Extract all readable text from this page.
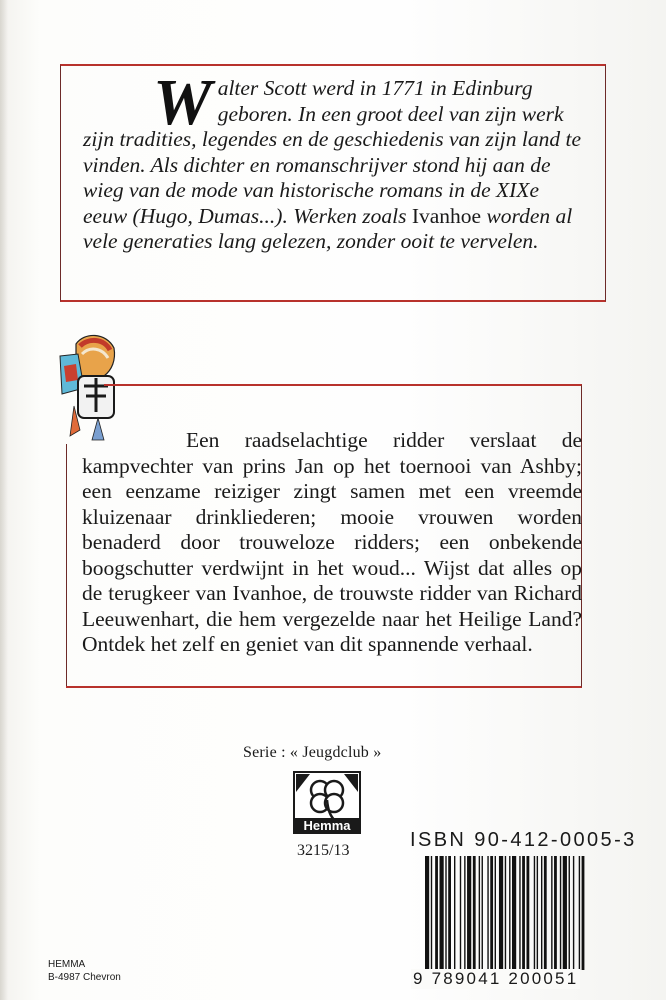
Walter Scott werd in 1771 in Edinburg geboren. In een groot deel van zijn werk zijn tradities, legendes en de geschiedenis van zijn land te vinden. Als dichter en romanschrijver stond hij aan de wieg van de mode van historische romans in de XIXe eeuw (Hugo, Dumas...). Werken zoals Ivanhoe worden al vele generaties lang gelezen, zonder ooit te vervelen.

Een raadselachtige ridder verslaat de kampvechter van prins Jan op het toernooi van Ashby; een eenzame reiziger zingt samen met een vreemde kluizenaar drinkliederen; mooie vrouwen worden benaderd door trouweloze ridders; een onbekende boogschutter verdwijnt in het woud... Wijst dat alles op de terugkeer van Ivanhoe, de trouwste ridder van Richard Leeuwenhart, die hem vergezelde naar het Heilige Land? Ontdek het zelf en geniet van dit spannende verhaal.

Serie : « Jeugdclub »
Hemma
3215/13	ISBN 90-412-0005-3
9 789041 200051
HEMMA
B-4987 Chevron
